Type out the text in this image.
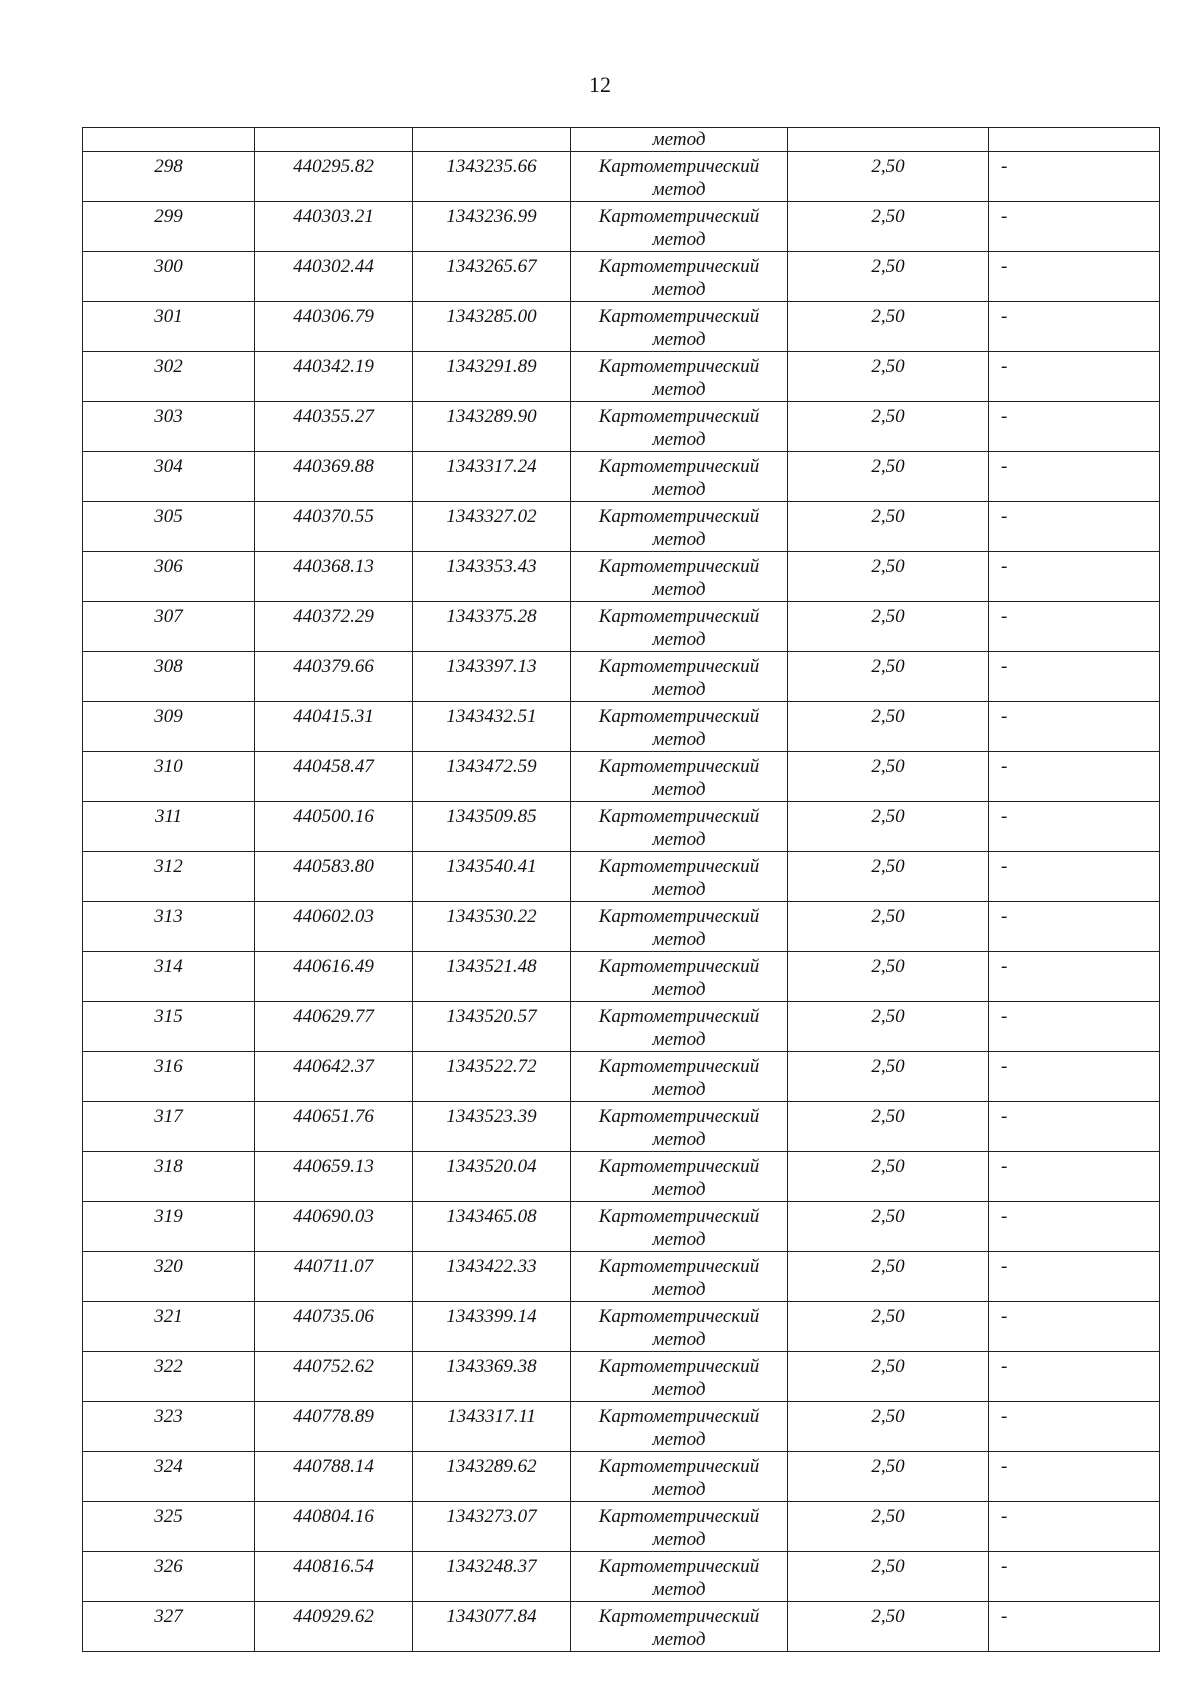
12
			метод		
298	440295.82	1343235.66	Картометрический
метод	2,50	-
299	440303.21	1343236.99	Картометрический
метод	2,50	-
300	440302.44	1343265.67	Картометрический
метод	2,50	-
301	440306.79	1343285.00	Картометрический
метод	2,50	-
302	440342.19	1343291.89	Картометрический
метод	2,50	-
303	440355.27	1343289.90	Картометрический
метод	2,50	-
304	440369.88	1343317.24	Картометрический
метод	2,50	-
305	440370.55	1343327.02	Картометрический
метод	2,50	-
306	440368.13	1343353.43	Картометрический
метод	2,50	-
307	440372.29	1343375.28	Картометрический
метод	2,50	-
308	440379.66	1343397.13	Картометрический
метод	2,50	-
309	440415.31	1343432.51	Картометрический
метод	2,50	-
310	440458.47	1343472.59	Картометрический
метод	2,50	-
311	440500.16	1343509.85	Картометрический
метод	2,50	-
312	440583.80	1343540.41	Картометрический
метод	2,50	-
313	440602.03	1343530.22	Картометрический
метод	2,50	-
314	440616.49	1343521.48	Картометрический
метод	2,50	-
315	440629.77	1343520.57	Картометрический
метод	2,50	-
316	440642.37	1343522.72	Картометрический
метод	2,50	-
317	440651.76	1343523.39	Картометрический
метод	2,50	-
318	440659.13	1343520.04	Картометрический
метод	2,50	-
319	440690.03	1343465.08	Картометрический
метод	2,50	-
320	440711.07	1343422.33	Картометрический
метод	2,50	-
321	440735.06	1343399.14	Картометрический
метод	2,50	-
322	440752.62	1343369.38	Картометрический
метод	2,50	-
323	440778.89	1343317.11	Картометрический
метод	2,50	-
324	440788.14	1343289.62	Картометрический
метод	2,50	-
325	440804.16	1343273.07	Картометрический
метод	2,50	-
326	440816.54	1343248.37	Картометрический
метод	2,50	-
327	440929.62	1343077.84	Картометрический
метод	2,50	-
